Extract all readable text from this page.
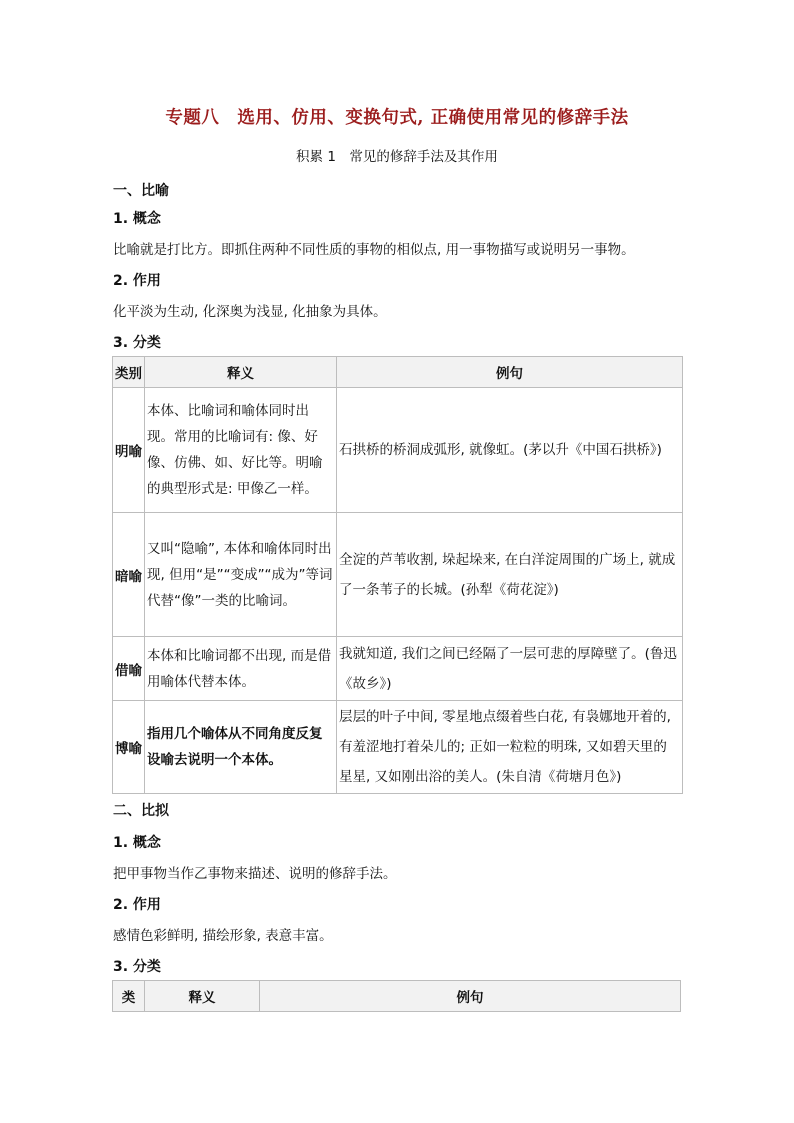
专题八　选用、仿用、变换句式, 正确使用常见的修辞手法
积累 1　常见的修辞手法及其作用
一、比喻
1. 概念
比喻就是打比方。即抓住两种不同性质的事物的相似点, 用一事物描写或说明另一事物。
2. 作用
化平淡为生动, 化深奥为浅显, 化抽象为具体。
3. 分类
类别	释义	例句
明喻	本体、比喻词和喻体同时出现。常用的比喻词有: 像、好像、仿佛、如、好比等。明喻的典型形式是: 甲像乙一样。	石拱桥的桥洞成弧形, 就像虹。(茅以升《中国石拱桥》)
暗喻	又叫“隐喻”, 本体和喻体同时出现, 但用“是”“变成”“成为”等词代替“像”一类的比喻词。	全淀的芦苇收割, 垛起垛来, 在白洋淀周围的广场上, 就成了一条苇子的长城。(孙犁《荷花淀》)
借喻	本体和比喻词都不出现, 而是借用喻体代替本体。	我就知道, 我们之间已经隔了一层可悲的厚障壁了。(鲁迅《故乡》)
博喻	指用几个喻体从不同角度反复设喻去说明一个本体。	层层的叶子中间, 零星地点缀着些白花, 有袅娜地开着的, 有羞涩地打着朵儿的; 正如一粒粒的明珠, 又如碧天里的星星, 又如刚出浴的美人。(朱自清《荷塘月色》)
二、比拟
1. 概念
把甲事物当作乙事物来描述、说明的修辞手法。
2. 作用
感情色彩鲜明, 描绘形象, 表意丰富。
3. 分类
类	释义	例句
